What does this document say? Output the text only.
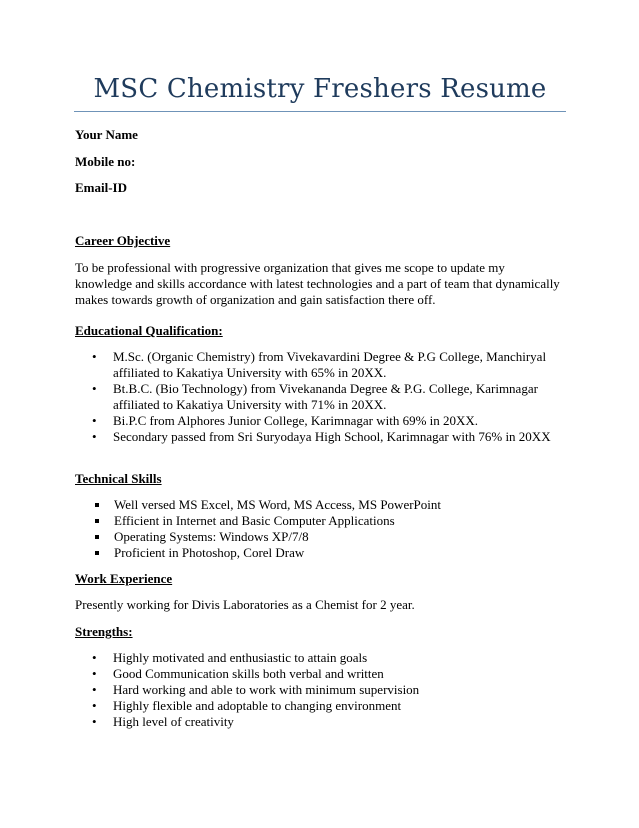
MSC Chemistry Freshers Resume
Your Name
Mobile no:
Email-ID
Career Objective
To be professional with progressive organization that gives me scope to update my knowledge and skills accordance with latest technologies and a part of team that dynamically makes towards growth of organization and gain satisfaction there off.
Educational Qualification:
• M.Sc. (Organic Chemistry) from Vivekavardini Degree & P.G College, Manchiryal affiliated to Kakatiya University with 65% in 20XX.
• Bt.B.C. (Bio Technology) from Vivekananda Degree & P.G. College, Karimnagar affiliated to Kakatiya University with 71% in 20XX.
• Bi.P.C from Alphores Junior College, Karimnagar with 69% in 20XX.
• Secondary passed from Sri Suryodaya High School, Karimnagar with 76% in 20XX
Technical Skills
Well versed MS Excel, MS Word, MS Access, MS PowerPoint
Efficient in Internet and Basic Computer Applications
Operating Systems: Windows XP/7/8
Proficient in Photoshop, Corel Draw
Work Experience
Presently working for Divis Laboratories as a Chemist for 2 year.
Strengths:
• Highly motivated and enthusiastic to attain goals
• Good Communication skills both verbal and written
• Hard working and able to work with minimum supervision
• Highly flexible and adoptable to changing environment
• High level of creativity
